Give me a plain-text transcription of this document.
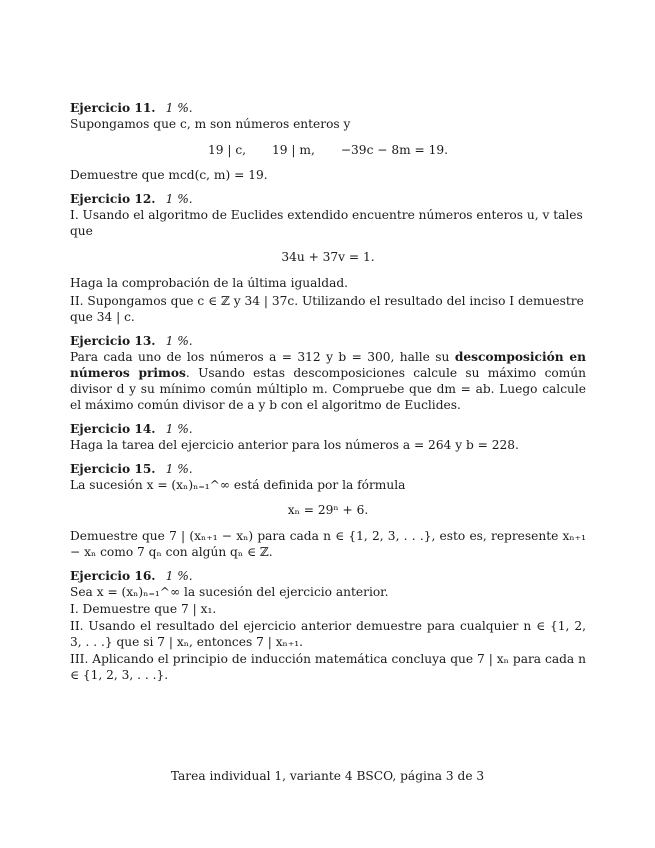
Ejercicio 11. 1 %.

Supongamos que c, m son números enteros y

19 | c, 19 | m, −39c − 8m = 19.

Demuestre que mcd(c, m) = 19.

Ejercicio 12. 1 %.

I. Usando el algoritmo de Euclides extendido encuentre números enteros u, v tales que

34u + 37v = 1.

Haga la comprobación de la última igualdad.

II. Supongamos que c ∈ ℤ y 34 | 37c. Utilizando el resultado del inciso I demuestre que 34 | c.

Ejercicio 13. 1 %.

Para cada uno de los números a = 312 y b = 300, halle su descomposición en números primos. Usando estas descomposiciones calcule su máximo común divisor d y su mínimo común múltiplo m. Compruebe que dm = ab. Luego calcule el máximo común divisor de a y b con el algoritmo de Euclides.

Ejercicio 14. 1 %.

Haga la tarea del ejercicio anterior para los números a = 264 y b = 228.

Ejercicio 15. 1 %.

La sucesión x = (xₙ)ₙ₌₁^∞ está definida por la fórmula

xₙ = 29ⁿ + 6.

Demuestre que 7 | (xₙ₊₁ − xₙ) para cada n ∈ {1, 2, 3, . . .}, esto es, represente xₙ₊₁ − xₙ como 7 qₙ con algún qₙ ∈ ℤ.

Ejercicio 16. 1 %.

Sea x = (xₙ)ₙ₌₁^∞ la sucesión del ejercicio anterior.

I. Demuestre que 7 | x₁.

II. Usando el resultado del ejercicio anterior demuestre para cualquier n ∈ {1, 2, 3, . . .} que si 7 | xₙ, entonces 7 | xₙ₊₁.

III. Aplicando el principio de inducción matemática concluya que 7 | xₙ para cada n ∈ {1, 2, 3, . . .}.

Tarea individual 1, variante 4 BSCO, página 3 de 3
